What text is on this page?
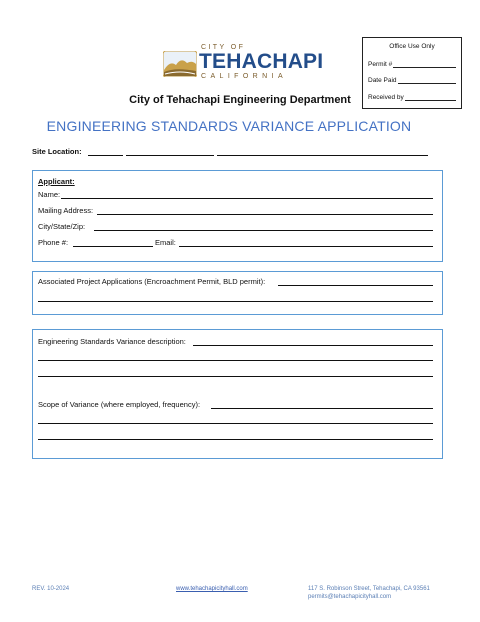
CITY OF
TEHACHAPI
CALIFORNIA
Office Use Only
Permit #
Date Paid
Received by
City of Tehachapi Engineering Department
ENGINEERING STANDARDS VARIANCE APPLICATION
Site Location:
Applicant:
Name:
Mailing Address:
City/State/Zip:
Phone #:	Email:
Associated Project Applications (Encroachment Permit, BLD permit):
Engineering Standards Variance description:
Scope of Variance (where employed, frequency):
REV. 10-2024	www.tehachapicityhall.com	117 S. Robinson Street, Tehachapi, CA 93561
permits@tehachapicityhall.com
